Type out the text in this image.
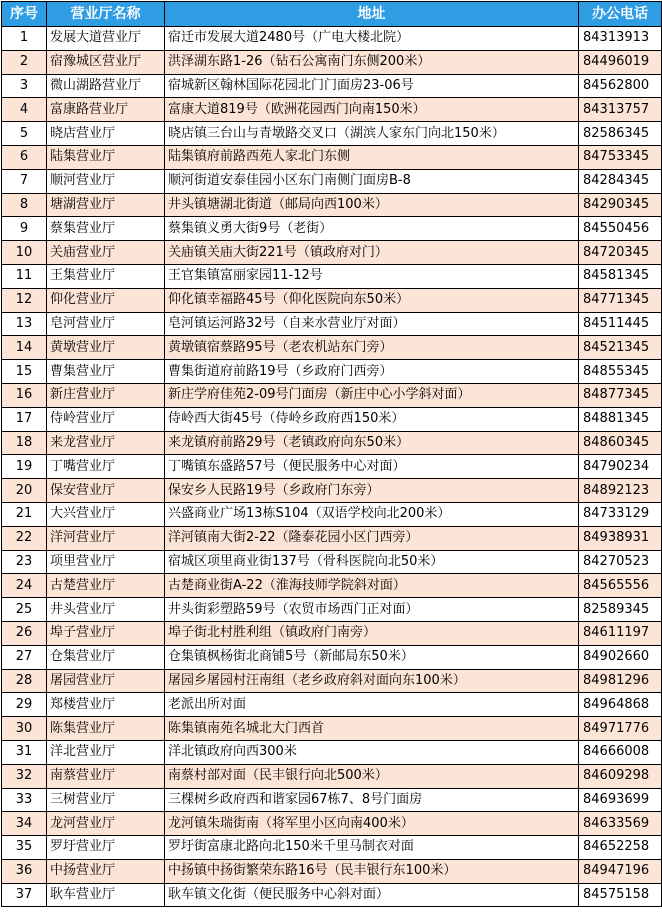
序号	营业厅名称	地址	办公电话
1	发展大道营业厅	宿迁市发展大道2480号（广电大楼北院）	84313913
2	宿豫城区营业厅	洪泽湖东路1-26（钻石公寓南门东侧200米）	84496019
3	微山湖路营业厅	宿城新区翰林国际花园北门门面房23-06号	84562800
4	富康路营业厅	富康大道819号（欧洲花园西门向南150米）	84313757
5	晓店营业厅	晓店镇三台山与青墩路交叉口（湖滨人家东门向北150米）	82586345
6	陆集营业厅	陆集镇府前路西苑人家北门东侧	84753345
7	顺河营业厅	顺河街道安泰佳园小区东门南侧门面房B-8	84284345
8	塘湖营业厅	井头镇塘湖北街道（邮局向西100米）	84290345
9	蔡集营业厅	蔡集镇义勇大街9号（老街）	84550456
10	关庙营业厅	关庙镇关庙大街221号（镇政府对门）	84720345
11	王集营业厅	王官集镇富丽家园11-12号	84581345
12	仰化营业厅	仰化镇幸福路45号（仰化医院向东50米）	84771345
13	皂河营业厅	皂河镇运河路32号（自来水营业厅对面）	84511445
14	黄墩营业厅	黄墩镇宿蔡路95号（老农机站东门旁）	84521345
15	曹集营业厅	曹集街道府前路19号（乡政府门西旁）	84855345
16	新庄营业厅	新庄学府佳苑2-09号门面房（新庄中心小学斜对面）	84877345
17	侍岭营业厅	侍岭西大街45号（侍岭乡政府西150米）	84881345
18	来龙营业厅	来龙镇府前路29号（老镇政府向东50米）	84860345
19	丁嘴营业厅	丁嘴镇东盛路57号（便民服务中心对面）	84790234
20	保安营业厅	保安乡人民路19号（乡政府门东旁）	84892123
21	大兴营业厅	兴盛商业广场13栋S104（双语学校向北200米）	84733129
22	洋河营业厅	洋河镇南大街2-22（隆泰花园小区门西旁）	84938931
23	项里营业厅	宿城区项里商业街137号（骨科医院向北50米）	84270523
24	古楚营业厅	古楚商业街A-22（淮海技师学院斜对面）	84565556
25	井头营业厅	井头街彩塑路59号（农贸市场西门正对面）	82589345
26	埠子营业厅	埠子街北村胜利组（镇政府门南旁）	84611197
27	仓集营业厅	仓集镇枫杨街北商铺5号（新邮局东50米）	84902660
28	屠园营业厅	屠园乡屠园村汪南组（老乡政府斜对面向东100米）	84981296
29	郑楼营业厅	老派出所对面	84964868
30	陈集营业厅	陈集镇南苑名城北大门西首	84971776
31	洋北营业厅	洋北镇政府向西300米	84666008
32	南蔡营业厅	南蔡村部对面（民丰银行向北500米）	84609298
33	三树营业厅	三棵树乡政府西和谐家园67栋7、8号门面房	84693699
34	龙河营业厅	龙河镇朱瑞街南（将军里小区向南400米）	84633569
35	罗圩营业厅	罗圩街富康北路向北150米千里马制衣对面	84652258
36	中扬营业厅	中扬镇中扬街繁荣东路16号（民丰银行东100米）	84947196
37	耿车营业厅	耿车镇文化街（便民服务中心斜对面）	84575158
